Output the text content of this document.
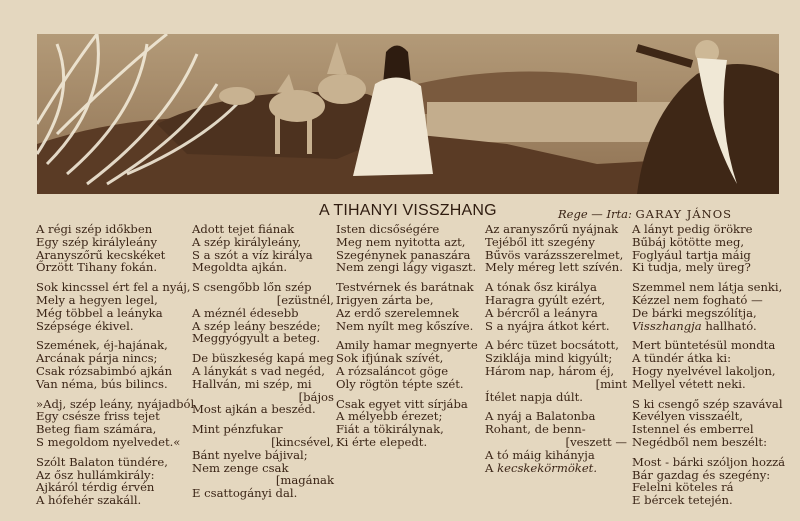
A TIHANYI VISSZHANG	Rege — Irta: GARAY JÁNOS
A régi szép időkben
Egy szép királyleány
Aranyszőrű kecskéket
Őrzött Tihany fokán.
Sok kincssel ért fel a nyáj,
Mely a hegyen legel,
Még többel a leányka
Szépsége ékivel.
Szemének, éj-hajának,
Arcának párja nincs;
Csak rózsabimbó ajkán
Van néma, bús bilincs.
»Adj, szép leány, nyájadból
Egy csésze friss tejet
Beteg fiam számára,
S megoldom nyelvedet.«
Szólt Balaton tündére,
Az ősz hullámkirály:
Ajkáról térdig érvén
A hófehér szakáll.
Adott tejet fiának
A szép királyleány,
S a szót a víz királya
Megoldta ajkán.
S csengőbb lőn szép
[ezüstnél,
A méznél édesebb
A szép leány beszéde;
Meggyógyult a beteg.
De büszkeség kapá meg
A lánykát s vad negéd,
Hallván, mi szép, mi
[bájos
Most ajkán a beszéd.
Mint pénzfukar
[kincsével,
Bánt nyelve bájival;
Nem zenge csak
[magának
E csattogányi dal.
Isten dicsőségére
Meg nem nyitotta azt,
Szegénynek panaszára
Nem zengi lágy vigaszt.
Testvérnek és barátnak
Irigyen zárta be,
Az erdő szerelemnek
Nem nyílt meg kőszíve.
Amily hamar megnyerte
Sok ifjúnak szívét,
A rózsaláncot göge
Oly rögtön tépte szét.
Csak egyet vitt sírjába
A mélyebb érezet;
Fiát a tökirálynak,
Ki érte elepedt.
Az aranyszőrű nyájnak
Tejéből itt szegény
Bűvös varázsszerelmet,
Mely méreg lett szívén.
A tónak ősz királya
Haragra gyúlt ezért,
A bércről a leányra
S a nyájra átkot kért.
A bérc tüzet bocsátott,
Sziklája mind kigyúlt;
Három nap, három éj,
[mint
Ítélet napja dúlt.
A nyáj a Balatonba
Rohant, de benn-
[veszett —
A tó máig kihányja
A kecskekörmöket.
A lányt pedig örökre
Bűbáj kötötte meg,
Foglyául tartja máig
Ki tudja, mely üreg?
Szemmel nem látja senki,
Kézzel nem fogható —
De bárki megszólítja,
Visszhangja hallható.
Mert büntetésül mondta
A tündér átka ki:
Hogy nyelvével lakoljon,
Mellyel vétett neki.
S ki csengő szép szavával
Kevélyen visszaélt,
Istennel és emberrel
Negédből nem beszélt:
Most - bárki szóljon hozzá
Bár gazdag és szegény:
Felelni köteles rá
E bércek tetején.
